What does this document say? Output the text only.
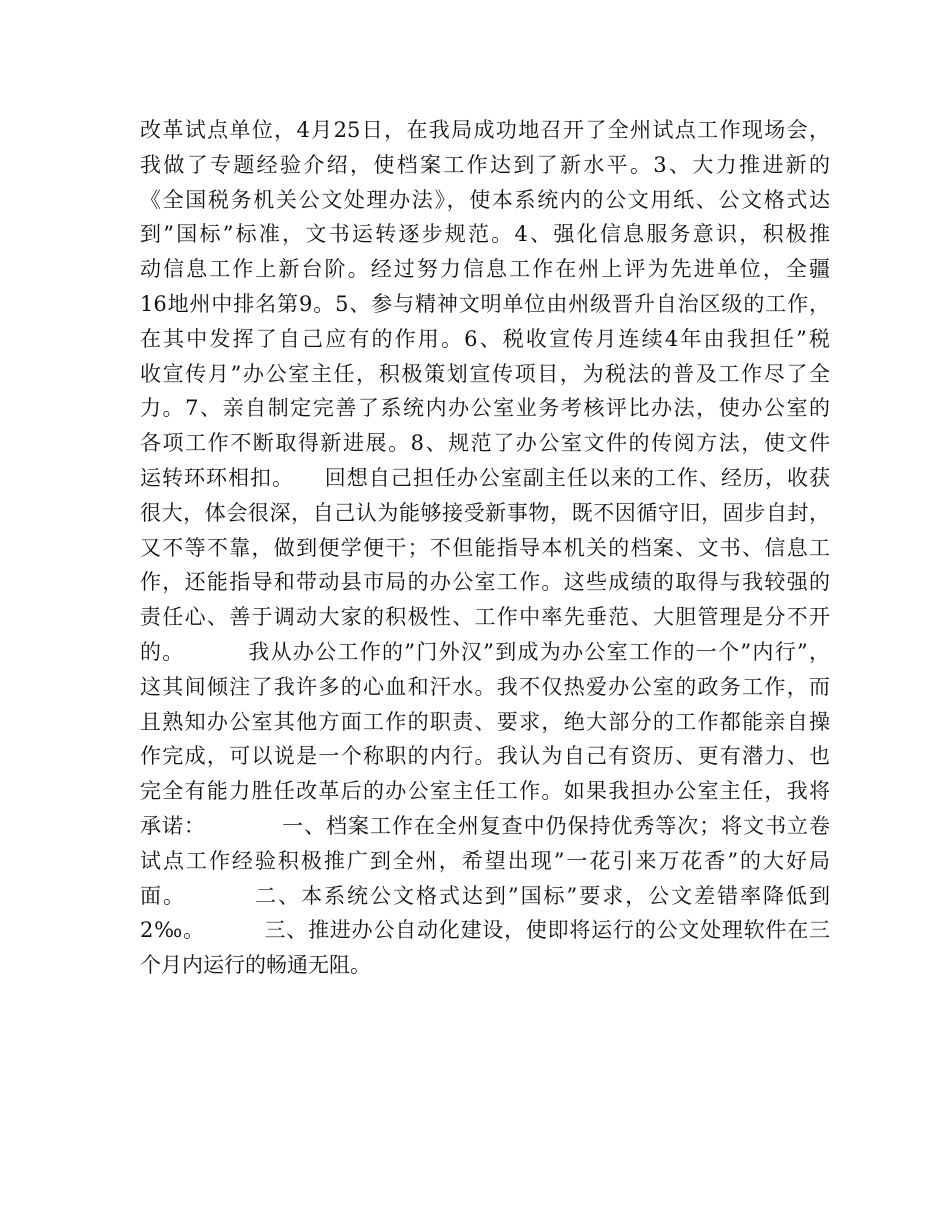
改革试点单位，4月25日，在我局成功地召开了全州试点工作现场会，
我做了专题经验介绍，使档案工作达到了新水平。3、大力推进新的
《全国税务机关公文处理办法》，使本系统内的公文用纸、公文格式达
到”国标”标准，文书运转逐步规范。4、强化信息服务意识，积极推
动信息工作上新台阶。经过努力信息工作在州上评为先进单位，全疆
16地州中排名第9。5、参与精神文明单位由州级晋升自治区级的工作，
在其中发挥了自己应有的作用。6、税收宣传月连续4年由我担任”税
收宣传月”办公室主任，积极策划宣传项目，为税法的普及工作尽了全
力。7、亲自制定完善了系统内办公室业务考核评比办法，使办公室的
各项工作不断取得新进展。8、规范了办公室文件的传阅方法，使文件
运转环环相扣。    回想自己担任办公室副主任以来的工作、经历，收获
很大，体会很深，自己认为能够接受新事物，既不因循守旧，固步自封，
又不等不靠，做到便学便干；不但能指导本机关的档案、文书、信息工
作，还能指导和带动县市局的办公室工作。这些成绩的取得与我较强的
责任心、善于调动大家的积极性、工作中率先垂范、大胆管理是分不开
的。        我从办公工作的”门外汉”到成为办公室工作的一个”内行”，
这其间倾注了我许多的心血和汗水。我不仅热爱办公室的政务工作，而
且熟知办公室其他方面工作的职责、要求，绝大部分的工作都能亲自操
作完成，可以说是一个称职的内行。我认为自己有资历、更有潜力、也
完全有能力胜任改革后的办公室主任工作。如果我担办公室主任，我将
承诺：          一、档案工作在全州复查中仍保持优秀等次；将文书立卷
试点工作经验积极推广到全州，希望出现”一花引来万花香”的大好局
面。        二、本系统公文格式达到”国标”要求，公文差错率降低到
2‰。        三、推进办公自动化建设，使即将运行的公文处理软件在三
个月内运行的畅通无阻。
